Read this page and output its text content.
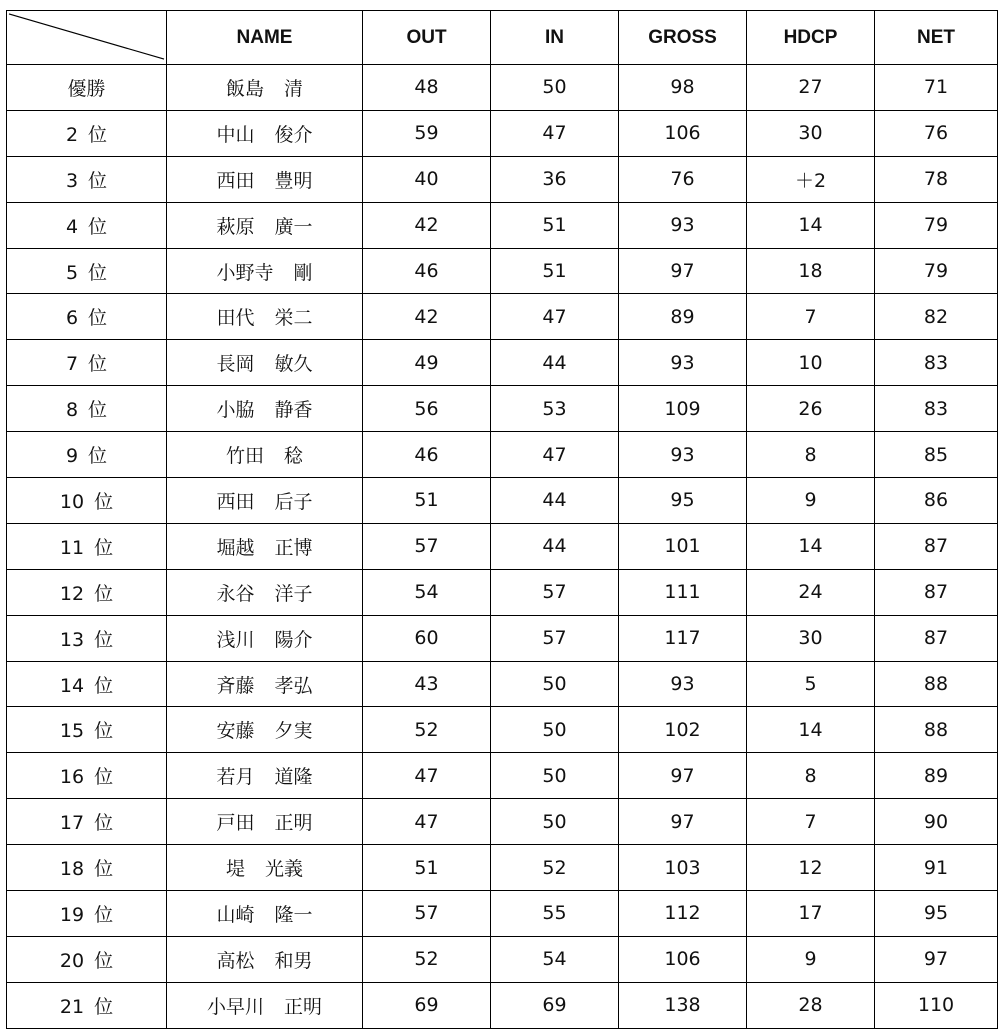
	NAME	OUT	IN	GROSS	HDCP	NET
優勝	飯島 清	48	50	98	27	71
2 位	中山 俊介	59	47	106	30	76
3 位	西田 豊明	40	36	76	＋2	78
4 位	萩原 廣一	42	51	93	14	79
5 位	小野寺 剛	46	51	97	18	79
6 位	田代 栄二	42	47	89	7	82
7 位	長岡 敏久	49	44	93	10	83
8 位	小脇 静香	56	53	109	26	83
9 位	竹田 稔	46	47	93	8	85
10 位	西田 后子	51	44	95	9	86
11 位	堀越 正博	57	44	101	14	87
12 位	永谷 洋子	54	57	111	24	87
13 位	浅川 陽介	60	57	117	30	87
14 位	斉藤 孝弘	43	50	93	5	88
15 位	安藤 夕実	52	50	102	14	88
16 位	若月 道隆	47	50	97	8	89
17 位	戸田 正明	47	50	97	7	90
18 位	堤 光義	51	52	103	12	91
19 位	山崎 隆一	57	55	112	17	95
20 位	高松 和男	52	54	106	9	97
21 位	小早川 正明	69	69	138	28	110
